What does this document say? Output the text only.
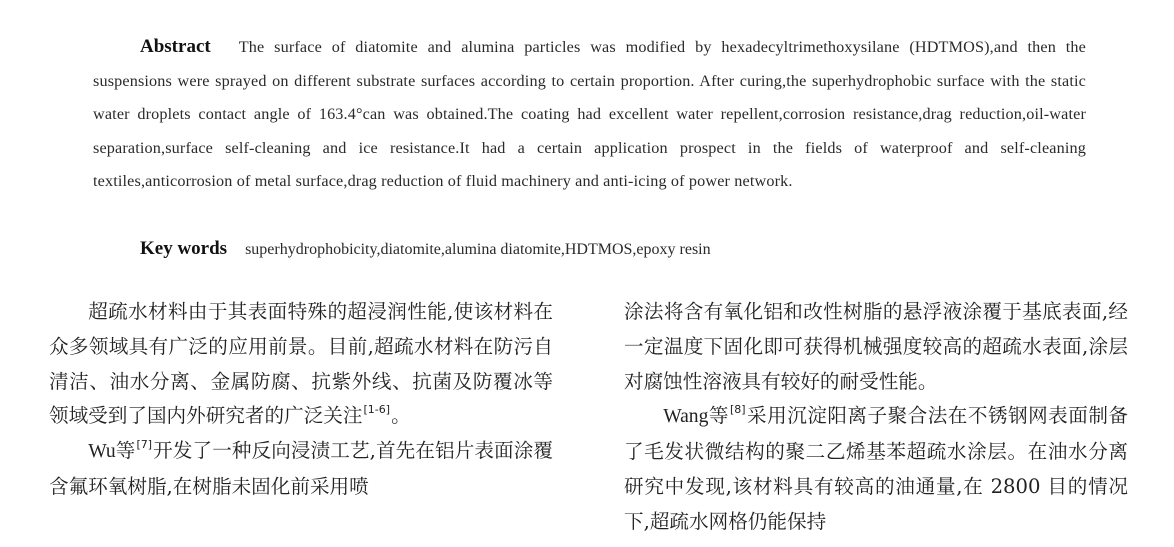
Abstract The surface of diatomite and alumina particles was modified by hexadecyltrimethoxysilane (HDTMOS),and then the suspensions were sprayed on different substrate surfaces according to certain proportion. After curing,the superhydrophobic surface with the static water droplets contact angle of 163.4°can was obtained.The coating had excellent water repellent,corrosion resistance,drag reduction,oil-water separation,surface self-cleaning and ice resistance.It had a certain application prospect in the fields of waterproof and self-cleaning textiles,anticorrosion of metal surface,drag reduction of fluid machinery and anti-icing of power network.
Key words superhydrophobicity,diatomite,alumina diatomite,HDTMOS,epoxy resin

超疏水材料由于其表面特殊的超浸润性能,使该材料在众多领域具有广泛的应用前景。目前,超疏水材料在防污自清洁、油水分离、金属防腐、抗紫外线、抗菌及防覆冰等领域受到了国内外研究者的广泛关注[1-6]。

Wu等[7]开发了一种反向浸渍工艺,首先在铝片表面涂覆含氟环氧树脂,在树脂未固化前采用喷

涂法将含有氧化铝和改性树脂的悬浮液涂覆于基底表面,经一定温度下固化即可获得机械强度较高的超疏水表面,涂层对腐蚀性溶液具有较好的耐受性能。

Wang等[8]采用沉淀阳离子聚合法在不锈钢网表面制备了毛发状微结构的聚二乙烯基苯超疏水涂层。在油水分离研究中发现,该材料具有较高的油通量,在 2800 目的情况下,超疏水网格仍能保持
